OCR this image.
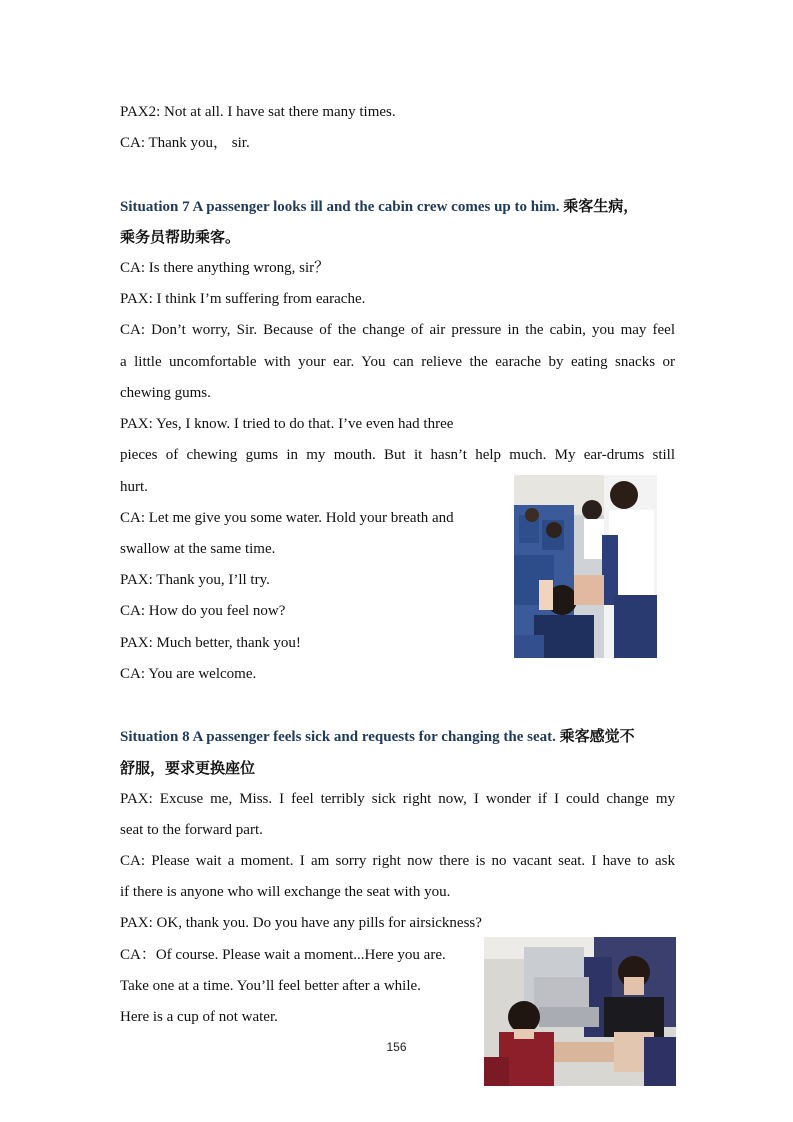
PAX2: Not at all. I have sat there many times.
CA: Thank you， sir.
Situation 7 A passenger looks ill and the cabin crew comes up to him. 乘客生病，
乘务员帮助乘客。
CA: Is there anything wrong, sir？
PAX: I think I’m suffering from earache.
CA: Don’t worry, Sir. Because of the change of air pressure in the cabin, you may feel
a little uncomfortable with your ear. You can relieve the earache by eating snacks or
chewing gums.
PAX: Yes, I know. I tried to do that. I’ve even had three
pieces of chewing gums in my mouth. But it hasn’t help much. My ear-drums still
hurt.
CA: Let me give you some water. Hold your breath and
swallow at the same time.
PAX: Thank you, I’ll try.
CA: How do you feel now?
PAX: Much better, thank you!
CA: You are welcome.
Situation 8 A passenger feels sick and requests for changing the seat. 乘客感觉不
舒服，要求更换座位
PAX: Excuse me, Miss. I feel terribly sick right now, I wonder if I could change my
seat to the forward part.
CA: Please wait a moment. I am sorry right now there is no vacant seat. I have to ask
if there is anyone who will exchange the seat with you.
PAX: OK, thank you. Do you have any pills for airsickness?
CA：Of course. Please wait a moment...Here you are.
Take one at a time. You’ll feel better after a while.
Here is a cup of not water.
156
